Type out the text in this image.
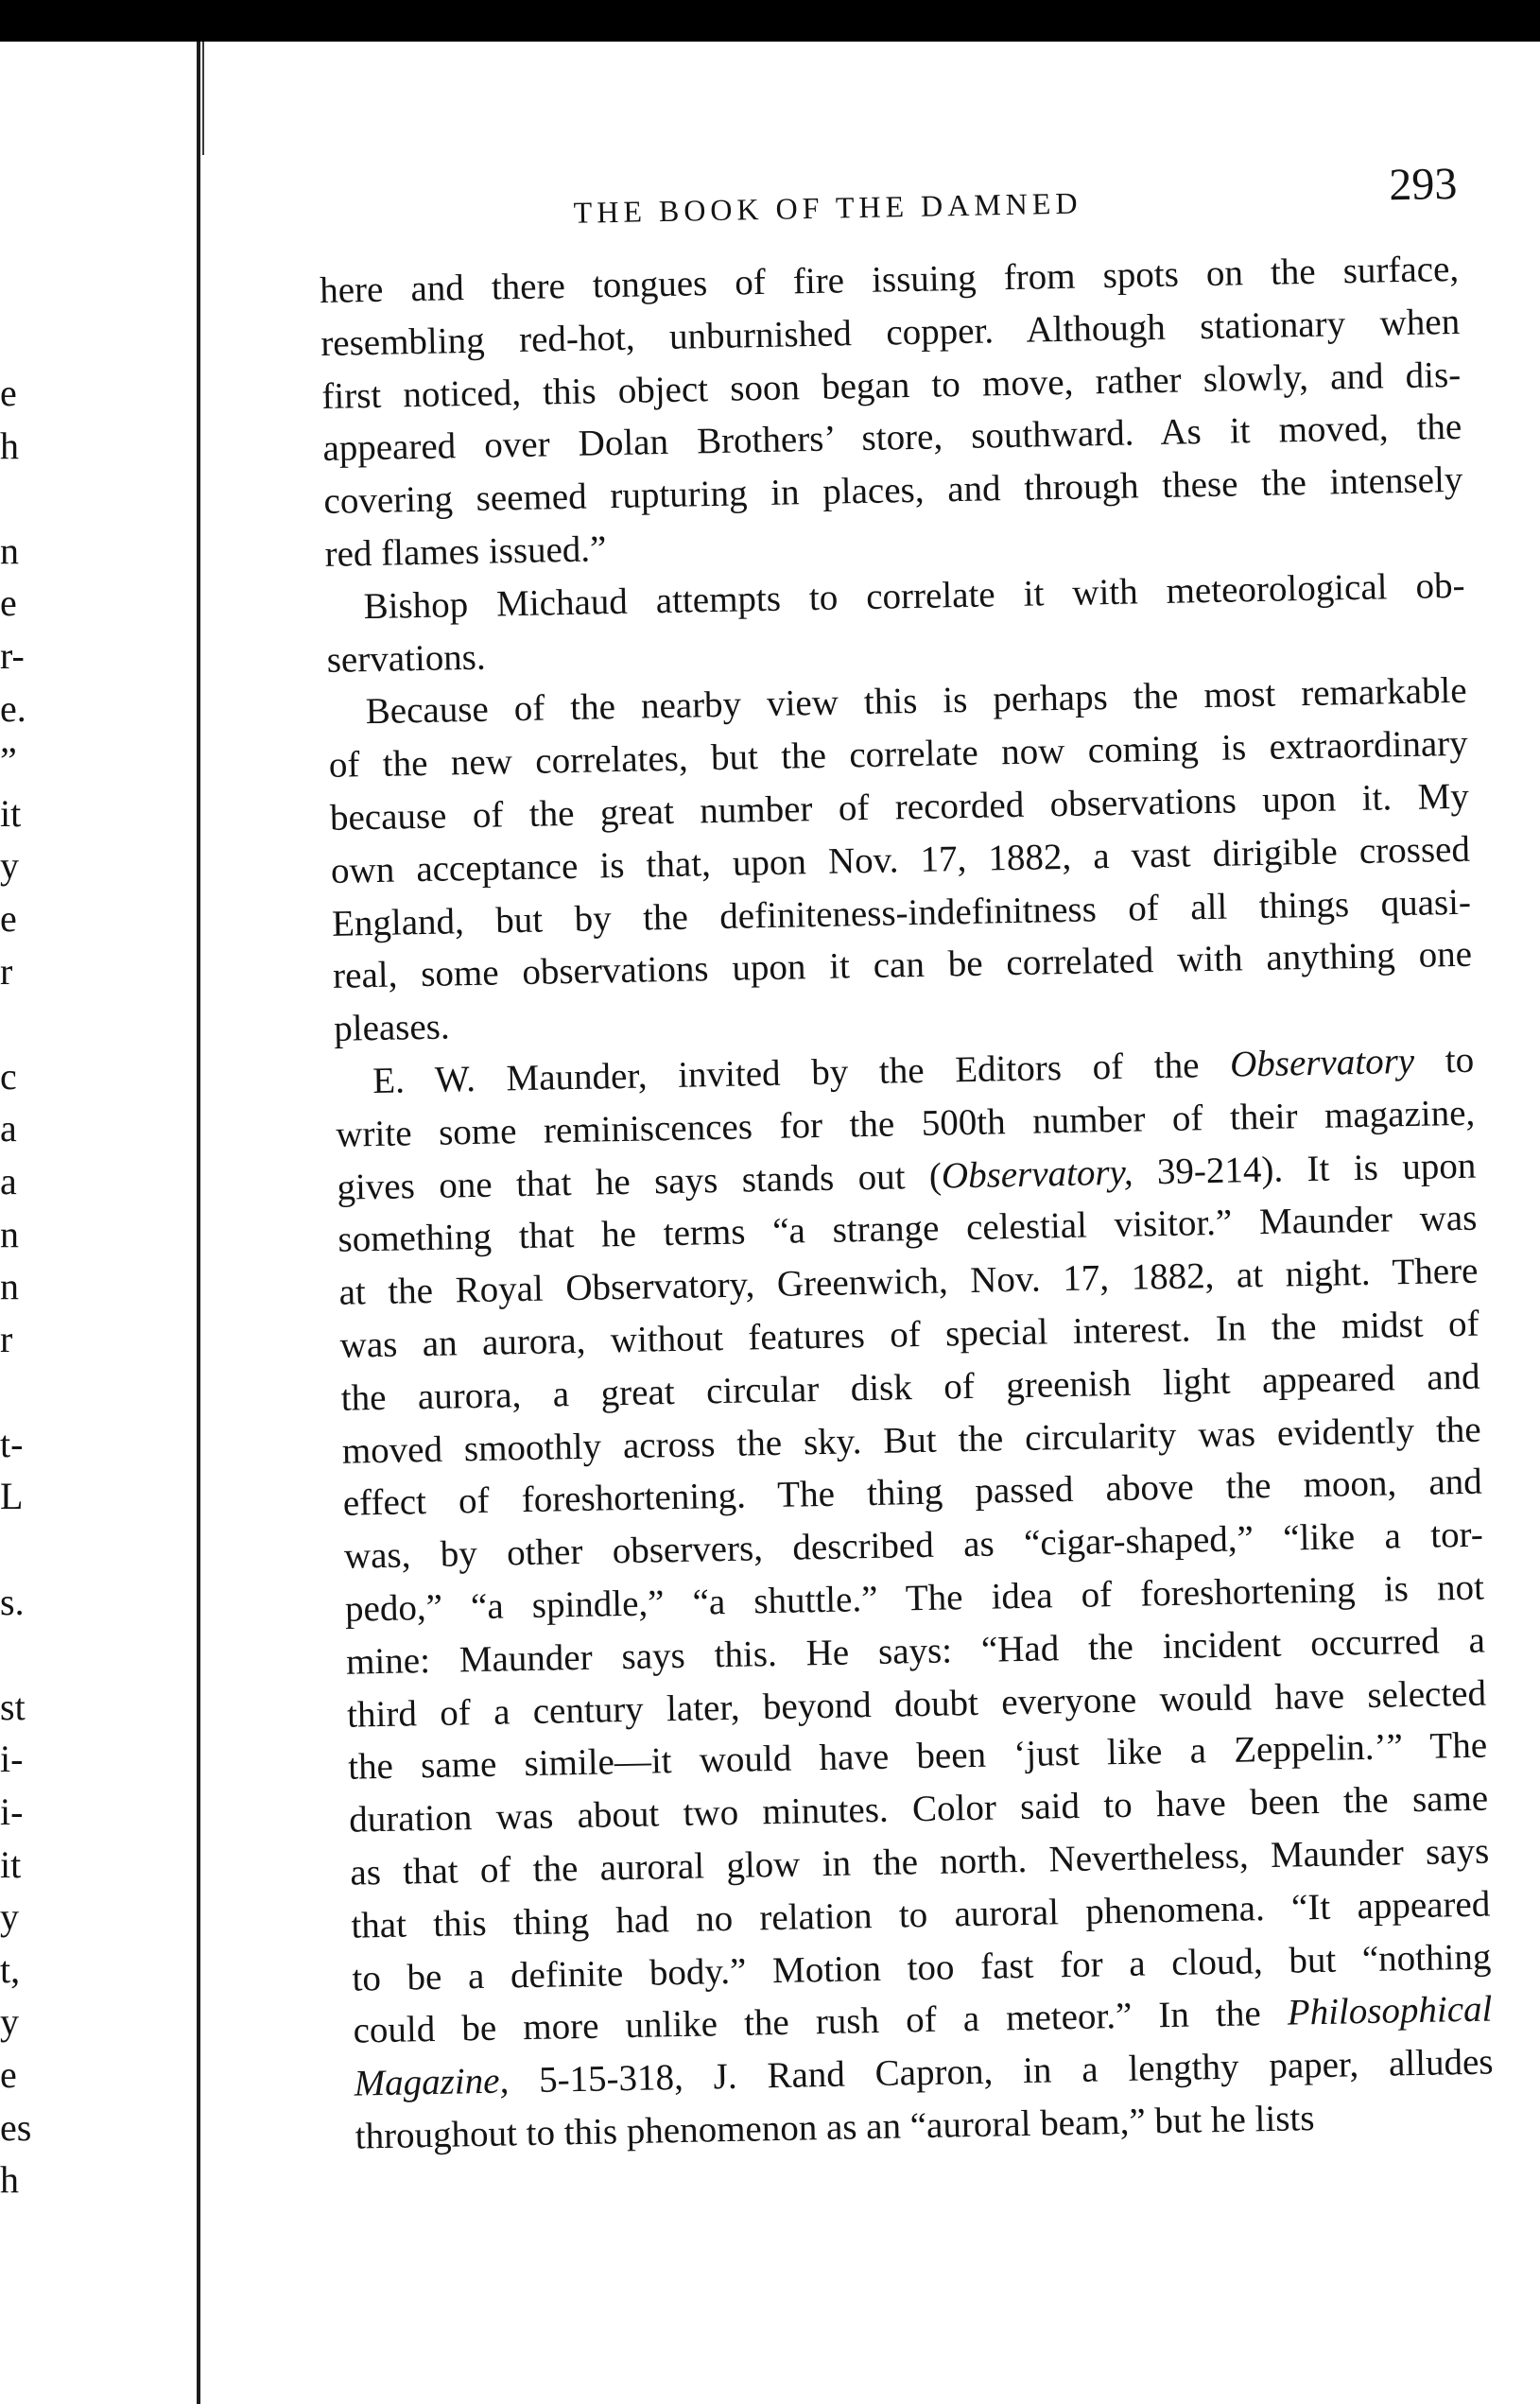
e
h
n
e
r-
e.
”
it
y
e
r
c
a
a
n
n
r
t-
L
s.
st
i-
i-
it
y
t,
y
e
es
h
THE BOOK OF THE DAMNED	293
here and there tongues of fire issuing from spots on the surface,
resembling red-hot, unburnished copper. Although stationary when
first noticed, this object soon began to move, rather slowly, and dis-
appeared over Dolan Brothers’ store, southward. As it moved, the
covering seemed rupturing in places, and through these the intensely
red flames issued.”
Bishop Michaud attempts to correlate it with meteorological ob-
servations.
Because of the nearby view this is perhaps the most remarkable
of the new correlates, but the correlate now coming is extraordinary
because of the great number of recorded observations upon it. My
own acceptance is that, upon Nov. 17, 1882, a vast dirigible crossed
England, but by the definiteness-indefinitness of all things quasi-
real, some observations upon it can be correlated with anything one
pleases.
E. W. Maunder, invited by the Editors of the Observatory to
write some reminiscences for the 500th number of their magazine,
gives one that he says stands out (Observatory, 39-214). It is upon
something that he terms “a strange celestial visitor.” Maunder was
at the Royal Observatory, Greenwich, Nov. 17, 1882, at night. There
was an aurora, without features of special interest. In the midst of
the aurora, a great circular disk of greenish light appeared and
moved smoothly across the sky. But the circularity was evidently the
effect of foreshortening. The thing passed above the moon, and
was, by other observers, described as “cigar-shaped,” “like a tor-
pedo,” “a spindle,” “a shuttle.” The idea of foreshortening is not
mine: Maunder says this. He says: “Had the incident occurred a
third of a century later, beyond doubt everyone would have selected
the same simile—it would have been ‘just like a Zeppelin.’” The
duration was about two minutes. Color said to have been the same
as that of the auroral glow in the north. Nevertheless, Maunder says
that this thing had no relation to auroral phenomena. “It appeared
to be a definite body.” Motion too fast for a cloud, but “nothing
could be more unlike the rush of a meteor.” In the Philosophical
Magazine, 5-15-318, J. Rand Capron, in a lengthy paper, alludes
throughout to this phenomenon as an “auroral beam,” but he lists
